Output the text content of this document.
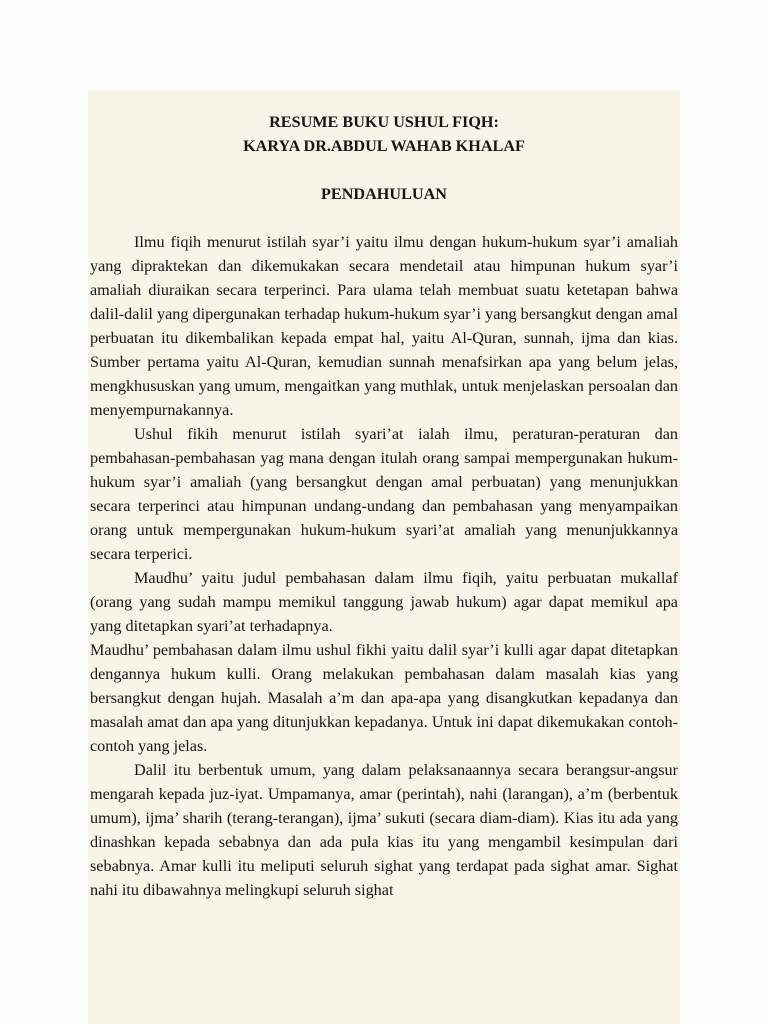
RESUME BUKU USHUL FIQH:
KARYA DR.ABDUL WAHAB KHALAF
PENDAHULUAN

Ilmu fiqih menurut istilah syar’i yaitu ilmu dengan hukum-hukum syar’i amaliah yang dipraktekan dan dikemukakan secara mendetail atau himpunan hukum syar’i amaliah diuraikan secara terperinci. Para ulama telah membuat suatu ketetapan bahwa dalil-dalil yang dipergunakan terhadap hukum-hukum syar’i yang bersangkut dengan amal perbuatan itu dikembalikan kepada empat hal, yaitu Al-Quran, sunnah, ijma dan kias. Sumber pertama yaitu Al-Quran, kemudian sunnah menafsirkan apa yang belum jelas, mengkhususkan yang umum, mengaitkan yang muthlak, untuk menjelaskan persoalan dan menyempurnakannya.

Ushul fikih menurut istilah syari’at ialah ilmu, peraturan-peraturan dan pembahasan-pembahasan yag mana dengan itulah orang sampai mempergunakan hukum-hukum syar’i amaliah (yang bersangkut dengan amal perbuatan) yang menunjukkan secara terperinci atau himpunan undang-undang dan pembahasan yang menyampaikan orang untuk mempergunakan hukum-hukum syari’at amaliah yang menunjukkannya secara terperici.

Maudhu’ yaitu judul pembahasan dalam ilmu fiqih, yaitu perbuatan mukallaf (orang yang sudah mampu memikul tanggung jawab hukum) agar dapat memikul apa yang ditetapkan syari’at terhadapnya.

Maudhu’ pembahasan dalam ilmu ushul fikhi yaitu dalil syar’i kulli agar dapat ditetapkan dengannya hukum kulli. Orang melakukan pembahasan dalam masalah kias yang bersangkut dengan hujah. Masalah a’m dan apa-apa yang disangkutkan kepadanya dan masalah amat dan apa yang ditunjukkan kepadanya. Untuk ini dapat dikemukakan contoh-contoh yang jelas.

Dalil itu berbentuk umum, yang dalam pelaksanaannya secara berangsur-angsur mengarah kepada juz-iyat. Umpamanya, amar (perintah), nahi (larangan), a’m (berbentuk umum), ijma’ sharih (terang-terangan), ijma’ sukuti (secara diam-diam). Kias itu ada yang dinashkan kepada sebabnya dan ada pula kias itu yang mengambil kesimpulan dari sebabnya. Amar kulli itu meliputi seluruh sighat yang terdapat pada sighat amar. Sighat nahi itu dibawahnya melingkupi seluruh sighat
